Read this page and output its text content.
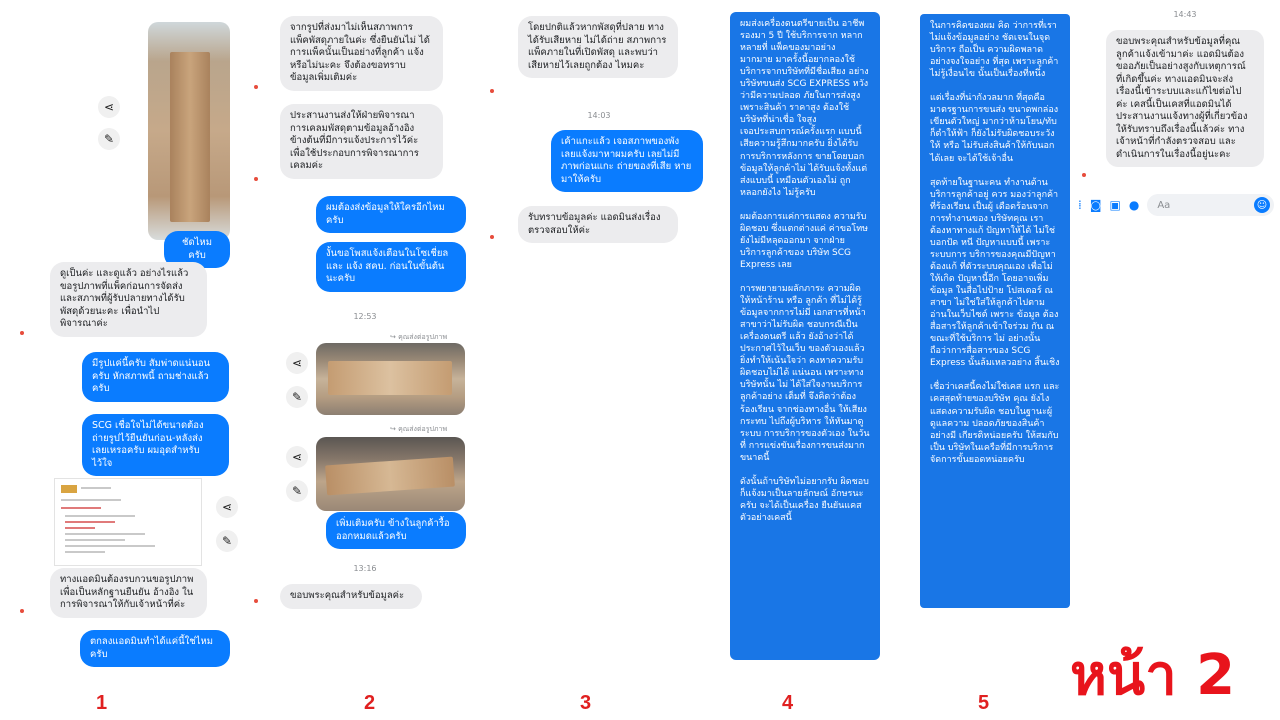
⋖
✎
ชัดไหมครับ
ดูเป็นค่ะ และดูแล้ว อย่างไรแล้ว ขอรูปภาพที่แพ็คก่อนการจัดส่ง และสภาพที่ผู้รับปลายทางได้รับ พัสดุด้วยนะคะ เพื่อนำไป พิจารณาค่ะ
มีรูปแค่นี้ครับ สัมพ่าดแน่นอน ครับ หักสภาพนี้ ถามช่างแล้ว ครับ
SCG เชื่อใจไม่ได้ขนาดต้อง ถ่ายรูปไว้ยืนยันก่อน-หลังส่ง เลยเหรอครับ ผมอุดสำหรับไว้ใจ
⋖
✎
ทางแอดมินต้องรบกวนขอรูปภาพ เพื่อเป็นหลักฐานยืนยัน อ้างอิง ใน การพิจารณาให้กับเจ้าหน้าที่ค่ะ
ตกลงแอดมินทำได้แค่นี้ใช่ไหม ครับ
จากรูปที่ส่งมาไม่เห็นสภาพการ แพ็คพัสดุภายในค่ะ ซึ่งยืนยันไม่ ได้การแพ็คนั้นเป็นอย่างที่ลูกค้า แจ้งหรือไม่นะคะ จึงต้องขอทราบ ข้อมูลเพิ่มเติมค่ะ
ประสานงานส่งให้ฝ่ายพิจารณา การเคลมพัสดุตามข้อมูลอ้างอิง ข้างต้นที่มีการแจ้งประการไว้ค่ะ เพื่อใช้ประกอบการพิจารณาการ เคลมค่ะ
ผมต้องส่งข้อมูลให้ใครอีกไหม ครับ
งั้นขอโพสแจ้งเตือนในโซเชี่ยล และ แจ้ง สคบ. ก่อนในขั้นต้น นะครับ
12:53
↪ คุณส่งต่อรูปภาพ
⋖
✎
↪ คุณส่งต่อรูปภาพ
⋖
✎
เพิ่มเติมครับ ข้างในลูกค้ารื้อ ออกหมดแล้วครับ
13:16
ขอบพระคุณสำหรับข้อมูลค่ะ
โดยปกติแล้วหากพัสดุที่ปลาย ทางได้รับเสียหาย ไม่ได้ถ่าย สภาพการแพ็คภายในที่เปิดพัสดุ และพบว่าเสียหายไว้เลยถูกต้อง ไหมคะ
14:03
เค้าแกะแล้ว เจอสภาพของพัง เลยแจ้งมาหาผมครับ เลยไม่มี ภาพก่อนแกะ ถ่ายของที่เสีย หายมาให้ครับ
รับทราบข้อมูลค่ะ แอดมินส่งเรื่อง ตรวจสอบให้ค่ะ
ผมส่งเครื่องดนตรีขายเป็น อาชีพรองมา 5 ปี ใช้บริการจาก หลากหลายที่ แพ็คของมาอย่าง มากมาย มาครั้งนี้อยากลองใช้ บริการจากบริษัทที่มีชื่อเสียง อย่างบริษัทขนส่ง SCG EXPRESS หวังว่ามีความปลอด ภัยในการส่งสูง เพราะสินค้า ราคาสูง ต้องใช้บริษัทที่น่าเชื่อ ใจสูง
เจอประสบการณ์ครั้งแรก แบบนี้ เสียความรู้สึกมากครับ ยิ่งได้รับการบริการหลังการ ขายโดยบอกข้อมูลให้ลูกค้าไม่ ได้รับแจ้งทั้งแต่ส่งแบบนี้ เหมือนตัวเองไม่ ถูกหลอกยังไง ไม่รู้ครับ

ผมต้องการแค่การแสดง ความรับผิดชอบ ซึ่งแตกต่างแค่ ค่าขอโทษยังไม่มีหลุดออกมา จากฝ่ายบริการลูกค้าของ บริษัท SCG Express เลย

การพยายามผลักภาระ ความผิดให้หน้าร้าน หรือ ลูกค้า ที่ไม่ได้รู้ข้อมูลจากการไม่มี เอกสารที่หน้าสาขาว่าไม่รับผิด ชอบกรณีเป็นเครื่องดนตรี แล้ว ยังอ้างว่าได้ประกาศไว้ในเว็บ ของตัวเองแล้ว ยิ่งทำให้เน้นใจว่า คงหาความรับผิดชอบไม่ได้ แน่นอน เพราะทางบริษัทนั้น ไม่ ได้ใส่ใจงานบริการลูกค้าอย่าง เต็มที่ จึงคิดว่าต้องร้องเรียน จากช่องทางอื่น ให้เสียงกระทบ ไปถึงผู้บริหาร ให้หันมาดูระบบ การบริการของตัวเอง ในวันที่ การแข่งขันเรื่องการขนส่งมาก ขนาดนี้

ดังนั้นถ้าบริษัทไม่อยากรับ ผิดชอบก็แจ้งมาเป็นลายลักษณ์ อักษรนะครับ จะได้เป็นเครื่อง ยืนยันแคสตัวอย่างเคสนี้
ในการคิดของผม คิด ว่าการที่เรา ไม่แจ้งข้อมูลอย่าง ชัดเจนในจุดบริการ ถือเป็น ความผิดพลาดอย่างจงใจอย่าง ที่สุด เพราะลูกค้าไม่รู้เงื่อนไข นั้นเป็นเรื่องที่หนึ่ง

แต่เรื่องที่น่ากังวลมาก ที่สุดคือ มาตรฐานการขนส่ง ขนาดพกล่องเขียนตัวใหญ่ มากว่าห้ามโยน/ทับ ก็ดำให้ฟ้า ก็ยังไม่รับผิดชอบระวังให้ หรือ ไม่รับส่งสินค้าให้กับนอกได้เลย จะได้ใช้เจ้าอื่น

สุดท้ายในฐานะคน ทำงานด้านบริการลูกค้าอยู่ ควร มองว่าลูกค้าที่ร้องเรียน เป็นผู้ เดือดร้อนจากการทำงานของ บริษัทคุณ เราต้องหาทางแก้ ปัญหาให้ได้ ไม่ใช่บอกปัด หนี ปัญหาแบบนี้ เพราะระบบการ บริการของคุณมีปัญหา ต้องแก้ ที่ตัวระบบคุณเอง เพื่อไม่ให้เกิด ปัญหานี้อีก โดยอาจเพิ่มข้อมูล ในสื่อไปป้าย โปสเตอร์ ณ สาขา ไม่ใช่ใส่ให้ลูกค้าไปตาม อ่านในเว็บไซต์ เพราะ ข้อมูล ต้องสื่อสารให้ลูกค้าเข้าใจร่วม กัน ณ ขณะที่ใช้บริการ ไม่ อย่างนั้น ถือว่าการสื่อสารของ SCG Express นั้นล้มเหลวอย่าง สิ้นเชิง

เชื่อว่าเคสนี้คงไม่ใช่เคส แรก และเคสสุดท้ายของบริษัท คุณ ยังไงแสดงความรับผิด ชอบในฐานะผู้ดูแลความ ปลอดภัยของสินค้าอย่างมี เกียรติหน่อยครับ ให้สมกับเป็น บริษัทในเครือที่มีการบริการ จัดการขั้นยอดหน่อยครับ
14:43
ขอบพระคุณสำหรับข้อมูลที่คุณ ลูกค้าแจ้งเข้ามาค่ะ แอดมินต้อง ขออภัยเป็นอย่างสูงกับเหตุการณ์ ที่เกิดขึ้นค่ะ ทางแอดมินจะส่ง เรื่องนี้เข้าระบบและแก้ไขต่อไป ค่ะ เคสนี้เป็นเคสที่แอดมินได้ ประสานงานแจ้งทางผู้ที่เกี่ยวข้อง ให้รับทราบถึงเรื่องนี้แล้วค่ะ ทาง เจ้าหน้าที่กำลังตรวจสอบ และ ดำเนินการในเรื่องนี้อยู่นะคะ
⁞ ◙ ▣ ● Aa	☺
หน้า 2
1	2	3	4	5
